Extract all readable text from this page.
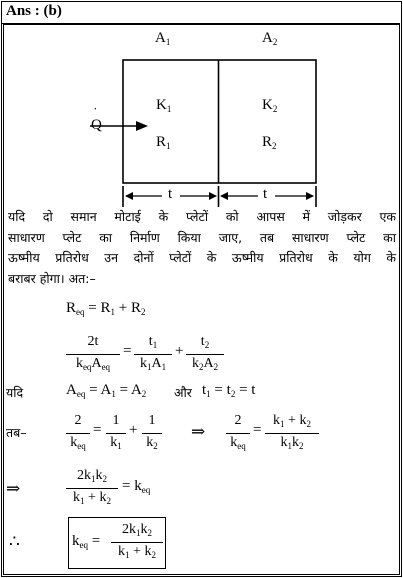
Ans : (b)
$A_1$	$A_2$
$K_1$	$K_2$
$R_1$	$R_2$
Q
˙
t	t
यदि दो समान मोटाई के प्लेटों को आपस में जोड़कर एक
साधारण प्लेट का निर्माण किया जाए, तब साधारण प्लेट का
ऊष्मीय प्रतिरोध उन दोनों प्लेटों के ऊष्मीय प्रतिरोध के योग के
बराबर होगा। अत:–
$R_{eq} = R_1 + R_2$
2t
$k_{eq}A_{eq}$
=
$t_1$
$k_1A_1$
+
$t_2$
$k_2A_2$
यदि	$A_{eq} = A_1 = A_2$ और $t_1 = t_2 = t$
तब–
2
$k_{eq}$
=
1
$k_1$
+
1
$k_2$
⇒
2
$k_{eq}$
=
$k_1 + k_2$
$k_1k_2$
⇒
$2k_1k_2$
$k_1 + k_2$
= $k_{eq}$
∴	$k_{eq}$ =
$2k_1k_2$
$k_1 + k_2$
